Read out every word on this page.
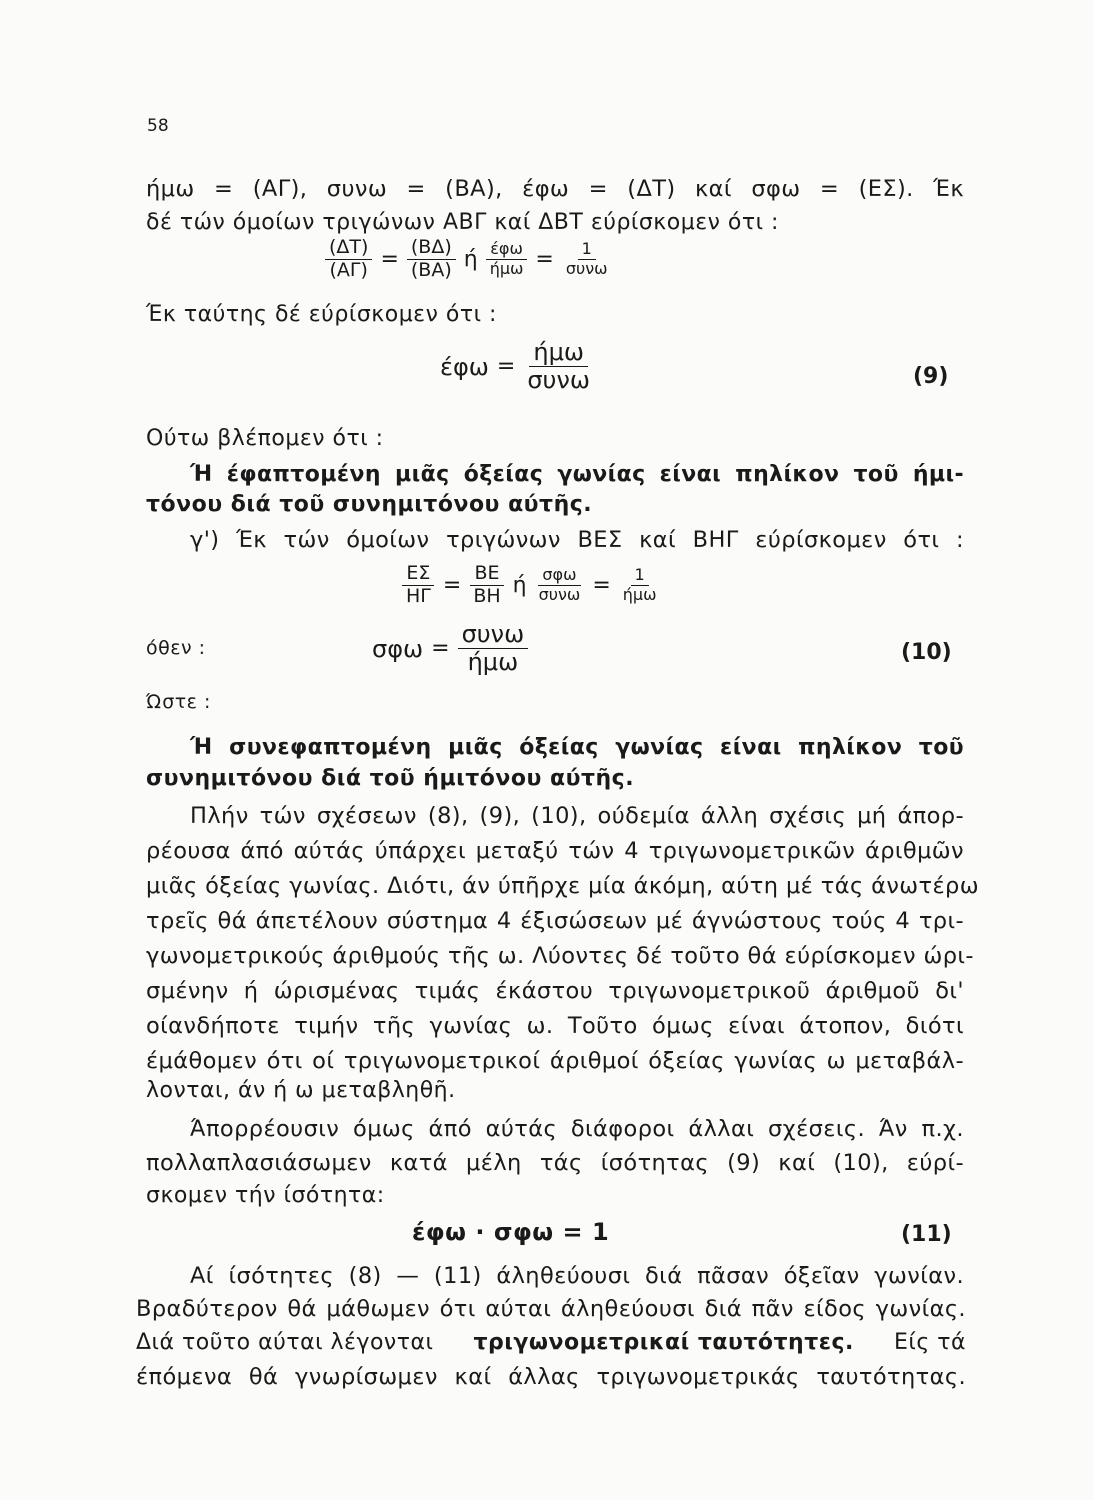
58
ήμω = (ΑΓ), συνω = (ΒΑ), έφω = (ΔΤ) καί σφω = (ΕΣ). Έκ
δέ τών όμοίων τριγώνων ΑΒΓ καί ΔΒΤ εύρίσκομεν ότι :
$\frac{(\Delta T)}{(A\Gamma)} = \frac{(B\Delta)}{(BA)}$ ή $\frac{\text{έφω}}{\text{ήμω}} = \frac{1}{\text{συνω}}$
Έκ ταύτης δέ εύρίσκομεν ότι :
$έ\varphi\omega = \frac{\text{ήμω}}{\text{συνω}}$	(9)
Ούτω βλέπομεν ότι :
Ή έφαπτομένη μιᾶς όξείας γωνίας είναι πηλίκον τοῦ ήμι-
τόνου διά τοῦ συνημιτόνου αύτῆς.
γ') Έκ τών όμοίων τριγώνων ΒΕΣ καί ΒΗΓ εύρίσκομεν ότι :
$\frac{E\Sigma}{H\Gamma} = \frac{BE}{BH}$ ή $\frac{\text{σφω}}{\text{συνω}} = \frac{1}{\text{ήμω}}$
όθεν :	$\sigma\varphi\omega = \frac{\text{συνω}}{\text{ήμω}}$	(10)
Ώστε :
Ή συνεφαπτομένη μιᾶς όξείας γωνίας είναι πηλίκον τοῦ
συνημιτόνου διά τοῦ ήμιτόνου αύτῆς.
Πλήν τών σχέσεων (8), (9), (10), ούδεμία άλλη σχέσις μή άπορ-
ρέουσα άπό αύτάς ύπάρχει μεταξύ τών 4 τριγωνομετρικῶν άριθμῶν
μιᾶς όξείας γωνίας. Διότι, άν ύπῆρχε μία άκόμη, αύτη μέ τάς άνωτέρω
τρεῖς θά άπετέλουν σύστημα 4 έξισώσεων μέ άγνώστους τούς 4 τρι-
γωνομετρικούς άριθμούς τῆς ω. Λύοντες δέ τοῦτο θά εύρίσκομεν ώρι-
σμένην ή ώρισμένας τιμάς έκάστου τριγωνομετρικοῦ άριθμοῦ δι'
οίανδήποτε τιμήν τῆς γωνίας ω. Τοῦτο όμως είναι άτοπον, διότι
έμάθομεν ότι οί τριγωνομετρικοί άριθμοί όξείας γωνίας ω μεταβάλ-
λονται, άν ή ω μεταβληθῆ.
Άπορρέουσιν όμως άπό αύτάς διάφοροι άλλαι σχέσεις. Άν π.χ.
πολλαπλασιάσωμεν κατά μέλη τάς ίσότητας (9) καί (10), εύρί-
σκομεν τήν ίσότητα:
έφω · σφω = 1	(11)
Αί ίσότητες (8) — (11) άληθεύουσι διά πᾶσαν όξεῖαν γωνίαν.
Βραδύτερον θά μάθωμεν ότι αύται άληθεύουσι διά πᾶν είδος γωνίας.
Διά τοῦτο αύται λέγονται τριγωνομετρικαί ταυτότητες. Είς τά
έπόμενα θά γνωρίσωμεν καί άλλας τριγωνομετρικάς ταυτότητας.
